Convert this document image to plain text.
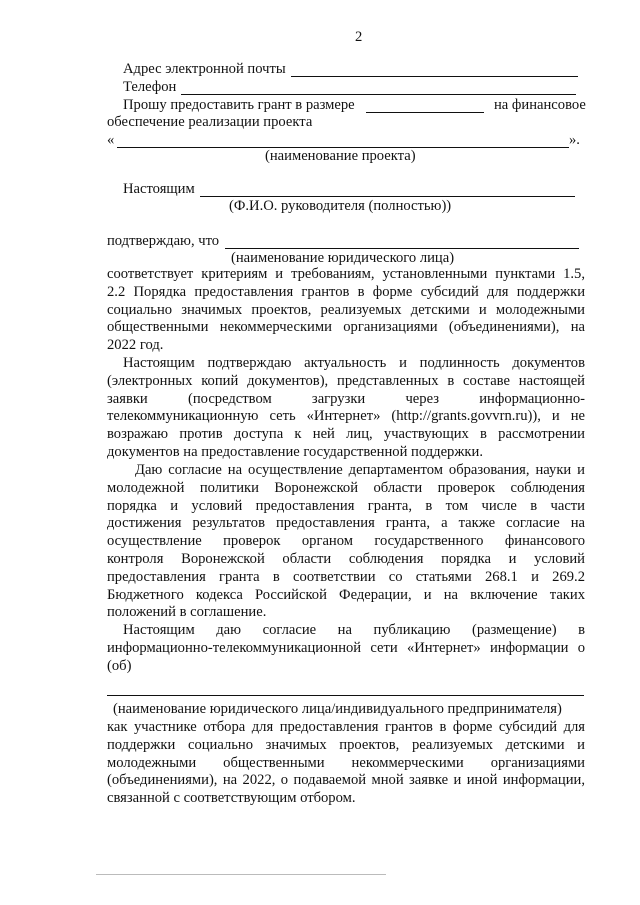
2
Адрес электронной почты
Телефон
Прошу предоставить грант в размере	на финансовое
обеспечение реализации проекта
«	».
(наименование проекта)
Настоящим
(Ф.И.О. руководителя (полностью))
подтверждаю, что
(наименование юридического лица)
соответствует критериям и требованиям, установленными пунктами 1.5,
2.2 Порядка предоставления грантов в форме субсидий для поддержки
социально значимых проектов, реализуемых детскими и молодежными
общественными некоммерческими организациями (объединениями), на
2022 год.
Настоящим подтверждаю актуальность и подлинность документов
(электронных копий документов), представленных в составе настоящей
заявки (посредством загрузки через информационно-
телекоммуникационную сеть «Интернет» (http://grants.govvrn.ru)), и не
возражаю против доступа к ней лиц, участвующих в рассмотрении
документов на предоставление государственной поддержки.
Даю согласие на осуществление департаментом образования, науки и
молодежной политики Воронежской области проверок соблюдения
порядка и условий предоставления гранта, в том числе в части
достижения результатов предоставления гранта, а также согласие на
осуществление проверок органом государственного финансового
контроля Воронежской области соблюдения порядка и условий
предоставления гранта в соответствии со статьями 268.1 и 269.2
Бюджетного кодекса Российской Федерации, и на включение таких
положений в соглашение.
Настоящим даю согласие на публикацию (размещение) в
информационно-телекоммуникационной сети «Интернет» информации о
(об)
(наименование юридического лица/индивидуального предпринимателя)
как участнике отбора для предоставления грантов в форме субсидий для
поддержки социально значимых проектов, реализуемых детскими и
молодежными общественными некоммерческими организациями
(объединениями), на 2022, о подаваемой мной заявке и иной информации,
связанной с соответствующим отбором.
